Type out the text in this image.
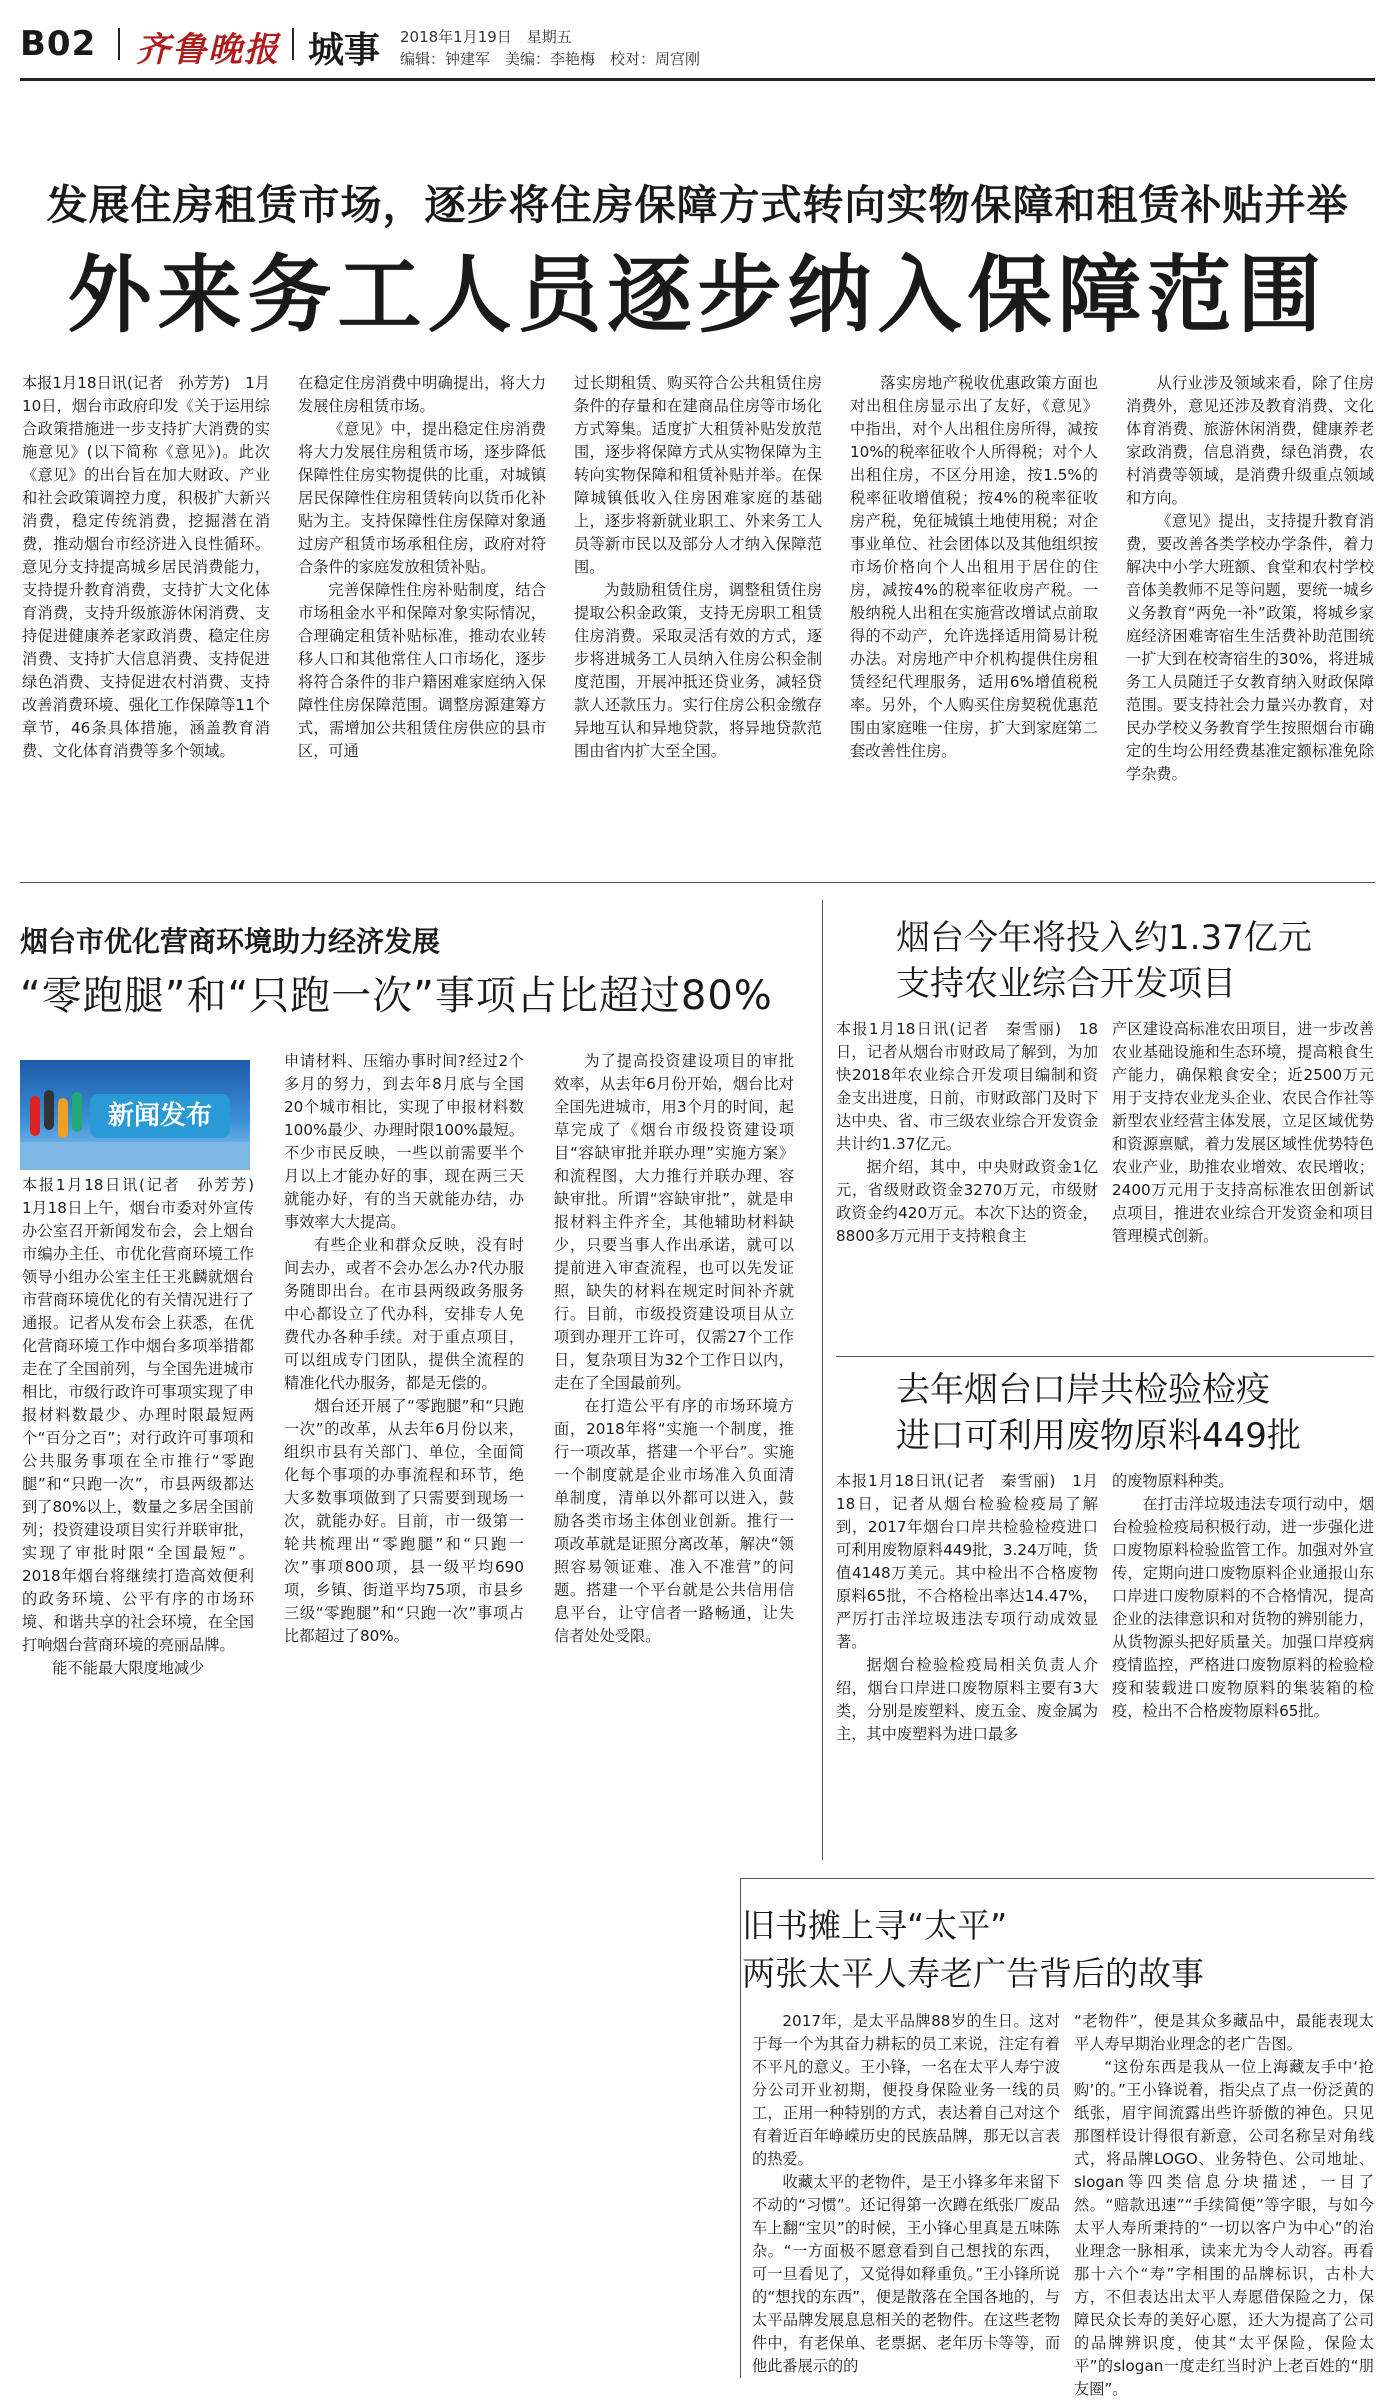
B02 齐鲁晚报 城事 2018年1月19日　星期五
编辑：钟建军　美编：李艳梅　校对：周宫刚
发展住房租赁市场，逐步将住房保障方式转向实物保障和租赁补贴并举
外来务工人员逐步纳入保障范围

本报1月18日讯(记者　孙芳芳)　1月10日，烟台市政府印发《关于运用综合政策措施进一步支持扩大消费的实施意见》(以下简称《意见》)。此次《意见》的出台旨在加大财政、产业和社会政策调控力度，积极扩大新兴消费，稳定传统消费，挖掘潜在消费，推动烟台市经济进入良性循环。意见分支持提高城乡居民消费能力，支持提升教育消费，支持扩大文化体育消费，支持升级旅游休闲消费、支持促进健康养老家政消费、稳定住房消费、支持扩大信息消费、支持促进绿色消费、支持促进农村消费、支持改善消费环境、强化工作保障等11个章节，46条具体措施，涵盖教育消费、文化体育消费等多个领域。

在稳定住房消费中明确提出，将大力发展住房租赁市场。

《意见》中，提出稳定住房消费将大力发展住房租赁市场，逐步降低保障性住房实物提供的比重，对城镇居民保障性住房租赁转向以货币化补贴为主。支持保障性住房保障对象通过房产租赁市场承租住房，政府对符合条件的家庭发放租赁补贴。

完善保障性住房补贴制度，结合市场租金水平和保障对象实际情况，合理确定租赁补贴标准，推动农业转移人口和其他常住人口市场化，逐步将符合条件的非户籍困难家庭纳入保障性住房保障范围。调整房源建筹方式，需增加公共租赁住房供应的县市区，可通

过长期租赁、购买符合公共租赁住房条件的存量和在建商品住房等市场化方式筹集。适度扩大租赁补贴发放范围，逐步将保障方式从实物保障为主转向实物保障和租赁补贴并举。在保障城镇低收入住房困难家庭的基础上，逐步将新就业职工、外来务工人员等新市民以及部分人才纳入保障范围。

为鼓励租赁住房，调整租赁住房提取公积金政策，支持无房职工租赁住房消费。采取灵活有效的方式，逐步将进城务工人员纳入住房公积金制度范围，开展冲抵还贷业务，减轻贷款人还款压力。实行住房公积金缴存异地互认和异地贷款，将异地贷款范围由省内扩大至全国。

落实房地产税收优惠政策方面也对出租住房显示出了友好，《意见》中指出，对个人出租住房所得，减按10%的税率征收个人所得税；对个人出租住房，不区分用途，按1.5%的税率征收增值税；按4%的税率征收房产税，免征城镇土地使用税；对企事业单位、社会团体以及其他组织按市场价格向个人出租用于居住的住房，减按4%的税率征收房产税。一般纳税人出租在实施营改增试点前取得的不动产，允许选择适用简易计税办法。对房地产中介机构提供住房租赁经纪代理服务，适用6%增值税税率。另外，个人购买住房契税优惠范围由家庭唯一住房，扩大到家庭第二套改善性住房。

从行业涉及领域来看，除了住房消费外，意见还涉及教育消费、文化体育消费、旅游休闲消费，健康养老家政消费，信息消费，绿色消费，农村消费等领域，是消费升级重点领域和方向。

《意见》提出，支持提升教育消费，要改善各类学校办学条件，着力解决中小学大班额、食堂和农村学校音体美教师不足等问题，要统一城乡义务教育“两免一补”政策，将城乡家庭经济困难寄宿生生活费补助范围统一扩大到在校寄宿生的30%，将进城务工人员随迁子女教育纳入财政保障范围。要支持社会力量兴办教育，对民办学校义务教育学生按照烟台市确定的生均公用经费基准定额标准免除学杂费。

烟台市优化营商环境助力经济发展
“零跑腿”和“只跑一次”事项占比超过80%
新闻发布

本报1月18日讯(记者　孙芳芳)　1月18日上午，烟台市委对外宣传办公室召开新闻发布会，会上烟台市编办主任、市优化营商环境工作领导小组办公室主任王兆麟就烟台市营商环境优化的有关情况进行了通报。记者从发布会上获悉，在优化营商环境工作中烟台多项举措都走在了全国前列，与全国先进城市相比，市级行政许可事项实现了申报材料数最少、办理时限最短两个“百分之百”；对行政许可事项和公共服务事项在全市推行“零跑腿”和“只跑一次”，市县两级都达到了80%以上，数量之多居全国前列；投资建设项目实行并联审批，实现了审批时限“全国最短”。2018年烟台将继续打造高效便利的政务环境、公平有序的市场环境、和谐共享的社会环境，在全国打响烟台营商环境的亮丽品牌。

能不能最大限度地减少

申请材料、压缩办事时间?经过2个多月的努力，到去年8月底与全国20个城市相比，实现了申报材料数100%最少、办理时限100%最短。不少市民反映，一些以前需要半个月以上才能办好的事，现在两三天就能办好，有的当天就能办结，办事效率大大提高。

有些企业和群众反映，没有时间去办，或者不会办怎么办?代办服务随即出台。在市县两级政务服务中心都设立了代办科，安排专人免费代办各种手续。对于重点项目，可以组成专门团队，提供全流程的精准化代办服务，都是无偿的。

烟台还开展了“零跑腿”和“只跑一次”的改革，从去年6月份以来，组织市县有关部门、单位，全面简化每个事项的办事流程和环节，绝大多数事项做到了只需要到现场一次，就能办好。目前，市一级第一轮共梳理出“零跑腿”和“只跑一次”事项800项，县一级平均690项，乡镇、街道平均75项，市县乡三级“零跑腿”和“只跑一次”事项占比都超过了80%。

为了提高投资建设项目的审批效率，从去年6月份开始，烟台比对全国先进城市，用3个月的时间，起草完成了《烟台市级投资建设项目“容缺审批并联办理”实施方案》和流程图，大力推行并联办理、容缺审批。所谓“容缺审批”，就是申报材料主件齐全，其他辅助材料缺少，只要当事人作出承诺，就可以提前进入审查流程，也可以先发证照，缺失的材料在规定时间补齐就行。目前，市级投资建设项目从立项到办理开工许可，仅需27个工作日，复杂项目为32个工作日以内，走在了全国最前列。

在打造公平有序的市场环境方面，2018年将“实施一个制度，推行一项改革，搭建一个平台”。实施一个制度就是企业市场准入负面清单制度，清单以外都可以进入，鼓励各类市场主体创业创新。推行一项改革就是证照分离改革，解决“领照容易领证难、准入不准营”的问题。搭建一个平台就是公共信用信息平台，让守信者一路畅通，让失信者处处受限。

烟台今年将投入约1.37亿元
支持农业综合开发项目

本报1月18日讯(记者　秦雪丽)　18日，记者从烟台市财政局了解到，为加快2018年农业综合开发项目编制和资金支出进度，日前，市财政部门及时下达中央、省、市三级农业综合开发资金共计约1.37亿元。

据介绍，其中，中央财政资金1亿元，省级财政资金3270万元，市级财政资金约420万元。本次下达的资金，8800多万元用于支持粮食主

产区建设高标准农田项目，进一步改善农业基础设施和生态环境，提高粮食生产能力，确保粮食安全；近2500万元用于支持农业龙头企业、农民合作社等新型农业经营主体发展，立足区域优势和资源禀赋，着力发展区域性优势特色农业产业，助推农业增效、农民增收；2400万元用于支持高标准农田创新试点项目，推进农业综合开发资金和项目管理模式创新。

去年烟台口岸共检验检疫
进口可利用废物原料449批

本报1月18日讯(记者　秦雪丽)　1月18日，记者从烟台检验检疫局了解到，2017年烟台口岸共检验检疫进口可利用废物原料449批，3.24万吨，货值4148万美元。其中检出不合格废物原料65批，不合格检出率达14.47%，严厉打击洋垃圾违法专项行动成效显著。

据烟台检验检疫局相关负责人介绍，烟台口岸进口废物原料主要有3大类，分别是废塑料、废五金、废金属为主，其中废塑料为进口最多

的废物原料种类。

在打击洋垃圾违法专项行动中，烟台检验检疫局积极行动，进一步强化进口废物原料检验监管工作。加强对外宣传，定期向进口废物原料企业通报山东口岸进口废物原料的不合格情况，提高企业的法律意识和对货物的辨别能力，从货物源头把好质量关。加强口岸疫病疫情监控，严格进口废物原料的检验检疫和装载进口废物原料的集装箱的检疫，检出不合格废物原料65批。

旧书摊上寻“太平”
两张太平人寿老广告背后的故事

2017年，是太平品牌88岁的生日。这对于每一个为其奋力耕耘的员工来说，注定有着不平凡的意义。王小锋，一名在太平人寿宁波分公司开业初期，便投身保险业务一线的员工，正用一种特别的方式，表达着自己对这个有着近百年峥嵘历史的民族品牌，那无以言表的热爱。

收藏太平的老物件，是王小锋多年来留下不动的“习惯”。还记得第一次蹲在纸张厂废品车上翻“宝贝”的时候，王小锋心里真是五味陈杂。“一方面极不愿意看到自己想找的东西，可一旦看见了，又觉得如释重负。”王小锋所说的“想找的东西”，便是散落在全国各地的，与太平品牌发展息息相关的老物件。在这些老物件中，有老保单、老票据、老年历卡等等，而他此番展示的的

“老物件”，便是其众多藏品中，最能表现太平人寿早期治业理念的老广告图。

“这份东西是我从一位上海藏友手中‘抢购’的。”王小锋说着，指尖点了点一份泛黄的纸张，眉宇间流露出些许骄傲的神色。只见那图样设计得很有新意，公司名称呈对角线式，将品牌LOGO、业务特色、公司地址、slogan等四类信息分块描述，一目了然。“赔款迅速”“手续简便”等字眼，与如今太平人寿所秉持的“一切以客户为中心”的治业理念一脉相承，读来尤为令人动容。再看那十六个“寿”字相围的品牌标识，古朴大方，不但表达出太平人寿愿借保险之力，保障民众长寿的美好心愿，还大为提高了公司的品牌辨识度，使其“太平保险，保险太平”的slogan一度走红当时沪上老百姓的“朋友圈”。
